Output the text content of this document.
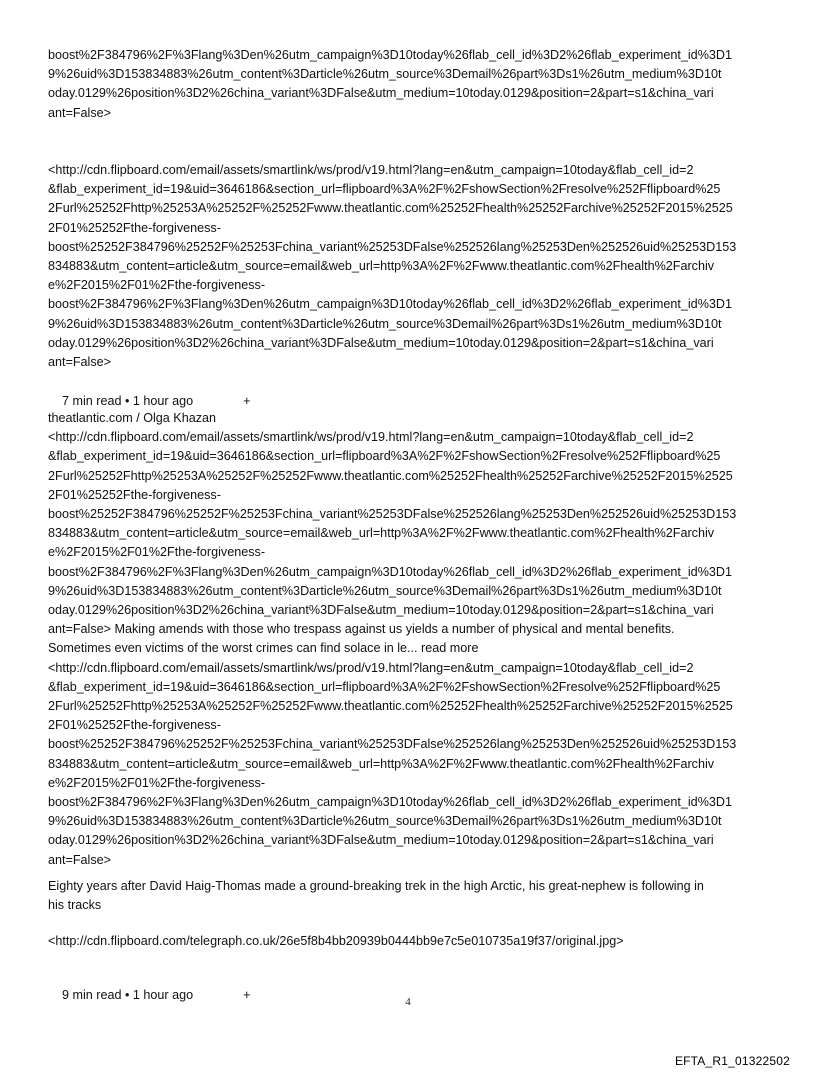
boost%2F384796%2F%3Flang%3Den%26utm_campaign%3D10today%26flab_cell_id%3D2%26flab_experiment_id%3D1
9%26uid%3D153834883%26utm_content%3Darticle%26utm_source%3Demail%26part%3Ds1%26utm_medium%3D10t
oday.0129%26position%3D2%26china_variant%3DFalse&utm_medium=10today.0129&position=2&part=s1&china_vari
ant=False>
<http://cdn.flipboard.com/email/assets/smartlink/ws/prod/v19.html?lang=en&utm_campaign=10today&flab_cell_id=2
&flab_experiment_id=19&uid=3646186&section_url=flipboard%3A%2F%2FshowSection%2Fresolve%252Fflipboard%25
2Furl%25252Fhttp%25253A%25252F%25252Fwww.theatlantic.com%25252Fhealth%25252Farchive%25252F2015%2525
2F01%25252Fthe-forgiveness-
boost%25252F384796%25252F%25253Fchina_variant%25253DFalse%252526lang%25253Den%252526uid%25253D153
834883&utm_content=article&utm_source=email&web_url=http%3A%2F%2Fwww.theatlantic.com%2Fhealth%2Farchiv
e%2F2015%2F01%2Fthe-forgiveness-
boost%2F384796%2F%3Flang%3Den%26utm_campaign%3D10today%26flab_cell_id%3D2%26flab_experiment_id%3D1
9%26uid%3D153834883%26utm_content%3Darticle%26utm_source%3Demail%26part%3Ds1%26utm_medium%3D10t
oday.0129%26position%3D2%26china_variant%3DFalse&utm_medium=10today.0129&position=2&part=s1&china_vari
ant=False>

7 min read • 1 hour ago	+

theatlantic.com / Olga Khazan
<http://cdn.flipboard.com/email/assets/smartlink/ws/prod/v19.html?lang=en&utm_campaign=10today&flab_cell_id=2
&flab_experiment_id=19&uid=3646186&section_url=flipboard%3A%2F%2FshowSection%2Fresolve%252Fflipboard%25
2Furl%25252Fhttp%25253A%25252F%25252Fwww.theatlantic.com%25252Fhealth%25252Farchive%25252F2015%2525
2F01%25252Fthe-forgiveness-
boost%25252F384796%25252F%25253Fchina_variant%25253DFalse%252526lang%25253Den%252526uid%25253D153
834883&utm_content=article&utm_source=email&web_url=http%3A%2F%2Fwww.theatlantic.com%2Fhealth%2Farchiv
e%2F2015%2F01%2Fthe-forgiveness-
boost%2F384796%2F%3Flang%3Den%26utm_campaign%3D10today%26flab_cell_id%3D2%26flab_experiment_id%3D1
9%26uid%3D153834883%26utm_content%3Darticle%26utm_source%3Demail%26part%3Ds1%26utm_medium%3D10t
oday.0129%26position%3D2%26china_variant%3DFalse&utm_medium=10today.0129&position=2&part=s1&china_vari
ant=False> Making amends with those who trespass against us yields a number of physical and mental benefits.
Sometimes even victims of the worst crimes can find solace in le... read more
<http://cdn.flipboard.com/email/assets/smartlink/ws/prod/v19.html?lang=en&utm_campaign=10today&flab_cell_id=2
&flab_experiment_id=19&uid=3646186&section_url=flipboard%3A%2F%2FshowSection%2Fresolve%252Fflipboard%25
2Furl%25252Fhttp%25253A%25252F%25252Fwww.theatlantic.com%25252Fhealth%25252Farchive%25252F2015%2525
2F01%25252Fthe-forgiveness-
boost%25252F384796%25252F%25253Fchina_variant%25253DFalse%252526lang%25253Den%252526uid%25253D153
834883&utm_content=article&utm_source=email&web_url=http%3A%2F%2Fwww.theatlantic.com%2Fhealth%2Farchiv
e%2F2015%2F01%2Fthe-forgiveness-
boost%2F384796%2F%3Flang%3Den%26utm_campaign%3D10today%26flab_cell_id%3D2%26flab_experiment_id%3D1
9%26uid%3D153834883%26utm_content%3Darticle%26utm_source%3Demail%26part%3Ds1%26utm_medium%3D10t
oday.0129%26position%3D2%26china_variant%3DFalse&utm_medium=10today.0129&position=2&part=s1&china_vari
ant=False>
Eighty years after David Haig-Thomas made a ground-breaking trek in the high Arctic, his great-nephew is following in
his tracks
<http://cdn.flipboard.com/telegraph.co.uk/26e5f8b4bb20939b0444bb9e7c5e010735a19f37/original.jpg>

9 min read • 1 hour ago	+
	4
EFTA_R1_01322502
